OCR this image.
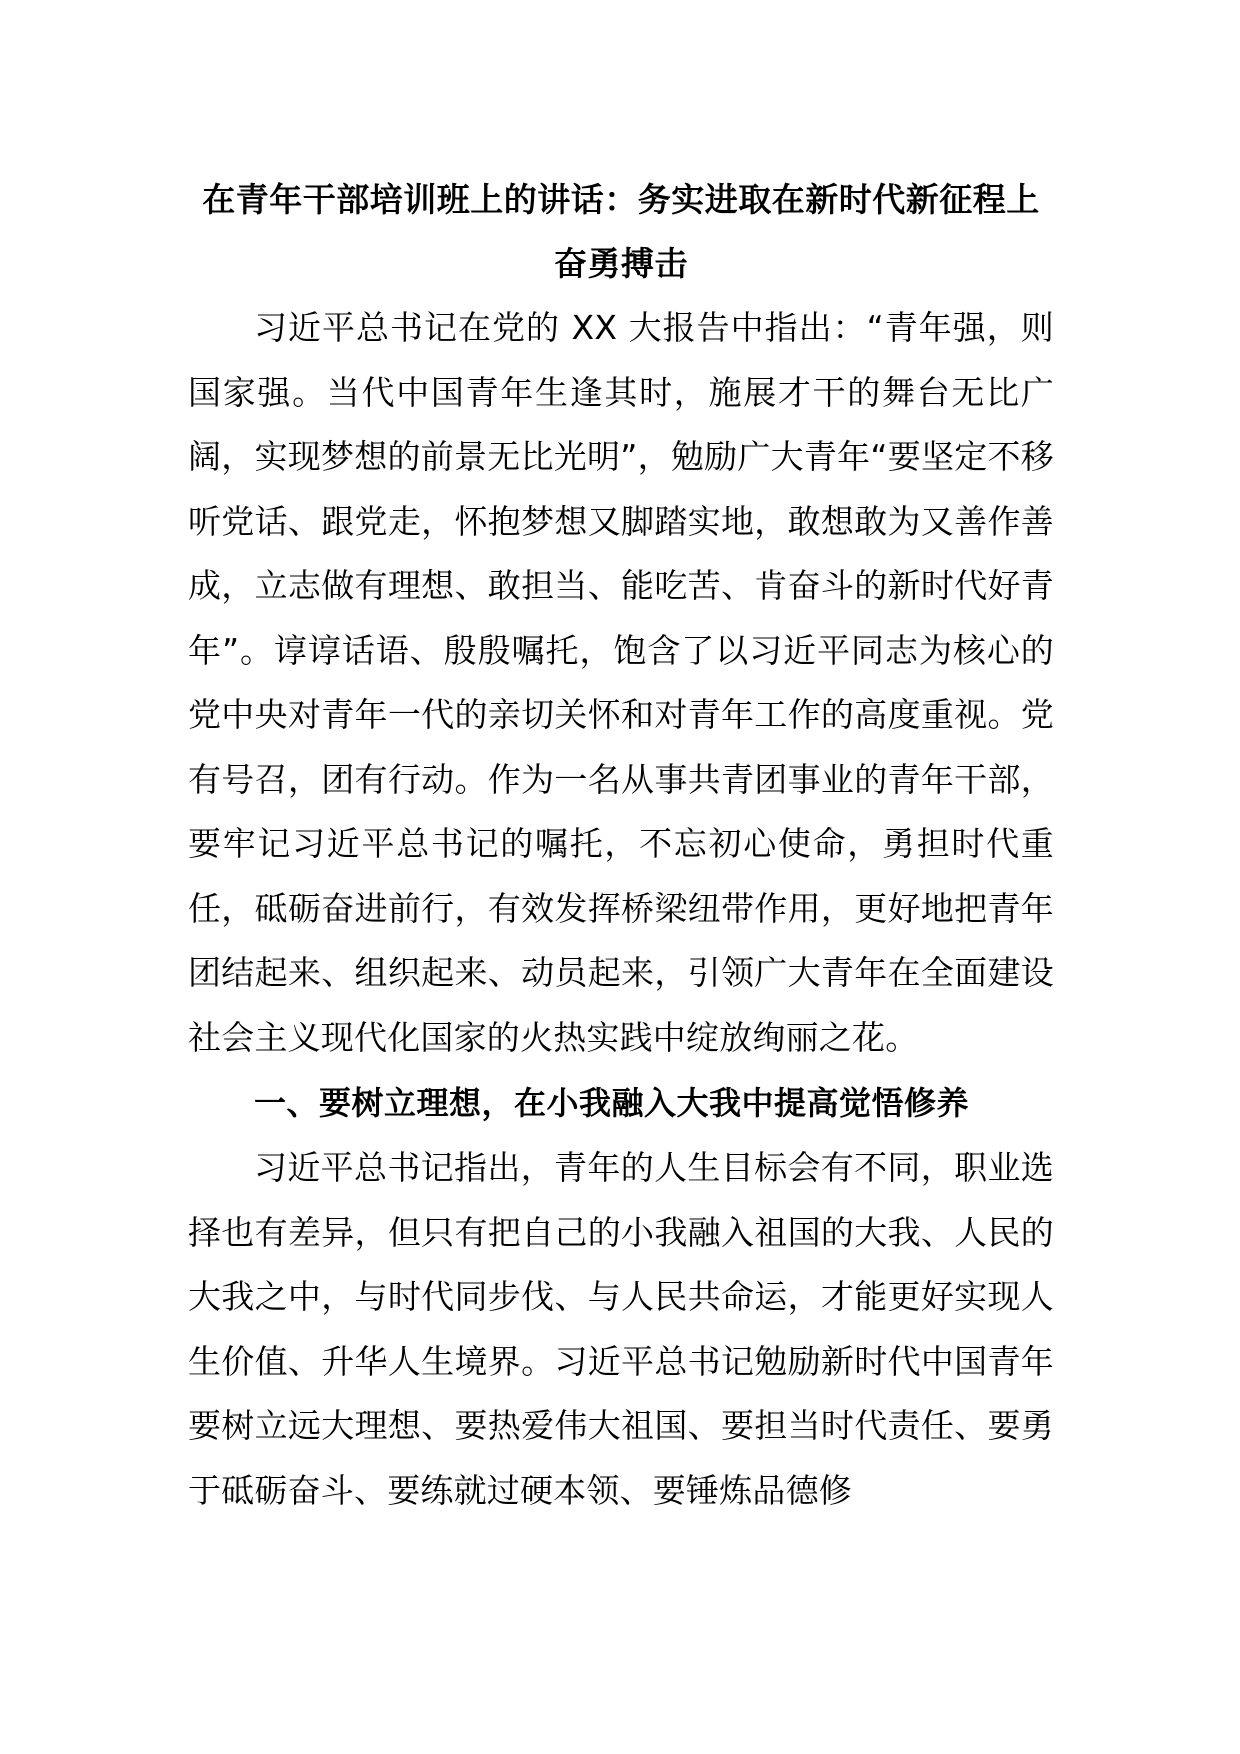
在青年干部培训班上的讲话：务实进取在新时代新征程上
奋勇搏击

习近平总书记在党的 XX 大报告中指出：“青年强，则国家强。当代中国青年生逢其时，施展才干的舞台无比广阔，实现梦想的前景无比光明”，勉励广大青年“要坚定不移听党话、跟党走，怀抱梦想又脚踏实地，敢想敢为又善作善成，立志做有理想、敢担当、能吃苦、肯奋斗的新时代好青年”。谆谆话语、殷殷嘱托，饱含了以习近平同志为核心的党中央对青年一代的亲切关怀和对青年工作的高度重视。党有号召，团有行动。作为一名从事共青团事业的青年干部，要牢记习近平总书记的嘱托，不忘初心使命，勇担时代重任，砥砺奋进前行，有效发挥桥梁纽带作用，更好地把青年团结起来、组织起来、动员起来，引领广大青年在全面建设社会主义现代化国家的火热实践中绽放绚丽之花。

一、要树立理想，在小我融入大我中提高觉悟修养

习近平总书记指出，青年的人生目标会有不同，职业选择也有差异，但只有把自己的小我融入祖国的大我、人民的大我之中，与时代同步伐、与人民共命运，才能更好实现人生价值、升华人生境界。习近平总书记勉励新时代中国青年要树立远大理想、要热爱伟大祖国、要担当时代责任、要勇于砥砺奋斗、要练就过硬本领、要锤炼品德修
